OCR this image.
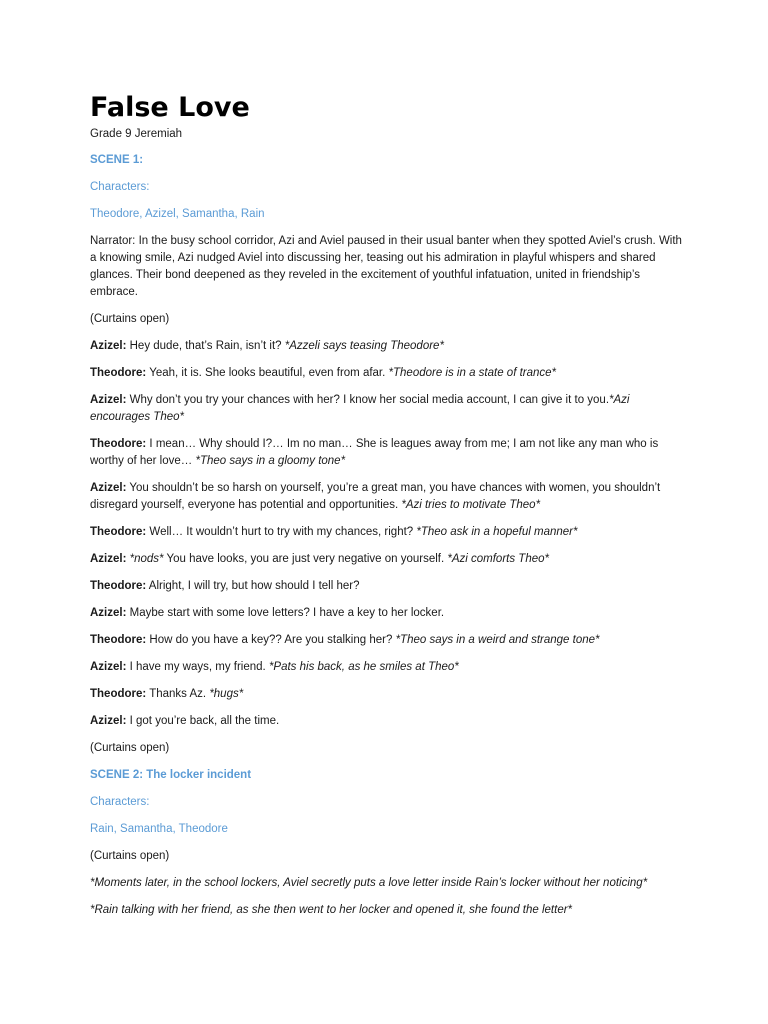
False Love
Grade 9 Jeremiah

SCENE 1:

Characters:

Theodore, Azizel, Samantha, Rain

Narrator: In the busy school corridor, Azi and Aviel paused in their usual banter when they spotted Aviel’s crush. With a knowing smile, Azi nudged Aviel into discussing her, teasing out his admiration in playful whispers and shared glances. Their bond deepened as they reveled in the excitement of youthful infatuation, united in friendship’s embrace.

(Curtains open)

Azizel: Hey dude, that’s Rain, isn’t it? *Azzeli says teasing Theodore*

Theodore: Yeah, it is. She looks beautiful, even from afar. *Theodore is in a state of trance*

Azizel: Why don’t you try your chances with her? I know her social media account, I can give it to you.*Azi encourages Theo*

Theodore: I mean… Why should I?… Im no man… She is leagues away from me; I am not like any man who is worthy of her love… *Theo says in a gloomy tone*

Azizel: You shouldn’t be so harsh on yourself, you’re a great man, you have chances with women, you shouldn’t disregard yourself, everyone has potential and opportunities. *Azi tries to motivate Theo*

Theodore: Well… It wouldn’t hurt to try with my chances, right? *Theo ask in a hopeful manner*

Azizel: *nods* You have looks, you are just very negative on yourself. *Azi comforts Theo*

Theodore: Alright, I will try, but how should I tell her?

Azizel: Maybe start with some love letters? I have a key to her locker.

Theodore: How do you have a key?? Are you stalking her? *Theo says in a weird and strange tone*

Azizel: I have my ways, my friend. *Pats his back, as he smiles at Theo*

Theodore: Thanks Az. *hugs*

Azizel: I got you’re back, all the time.

(Curtains open)

SCENE 2: The locker incident

Characters:

Rain, Samantha, Theodore

(Curtains open)

*Moments later, in the school lockers, Aviel secretly puts a love letter inside Rain’s locker without her noticing*

*Rain talking with her friend, as she then went to her locker and opened it, she found the letter*
